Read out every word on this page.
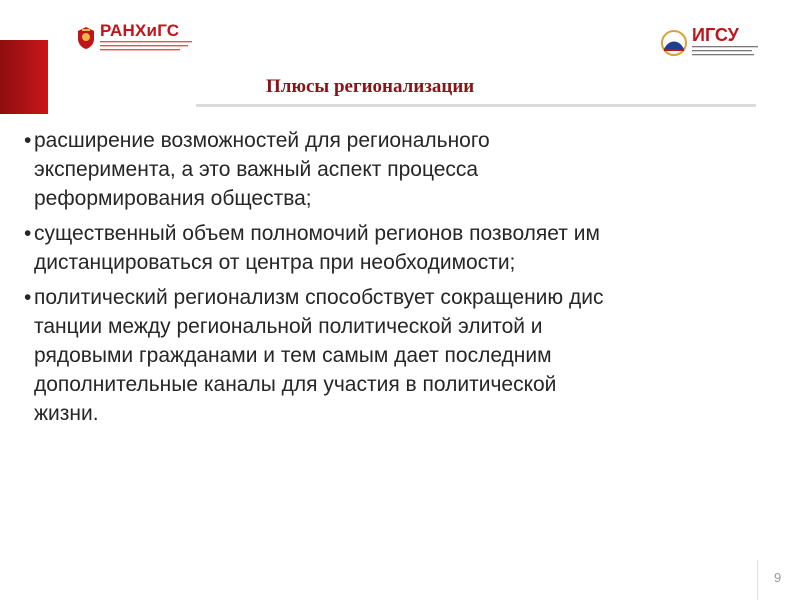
РАНХиГС	ИГСУ
Плюсы регионализации
• расширение возможностей для регионального
эксперимента, а это важный аспект процесса
реформирования общества;
• существенный объем полномочий регионов позволяет им
дистанцироваться от центра при необходимости;
• политический регионализм способствует сокращению дис
танции между региональной политической элитой и
рядовыми гражданами и тем самым дает последним
дополнительные каналы для участия в политической
жизни.
9
